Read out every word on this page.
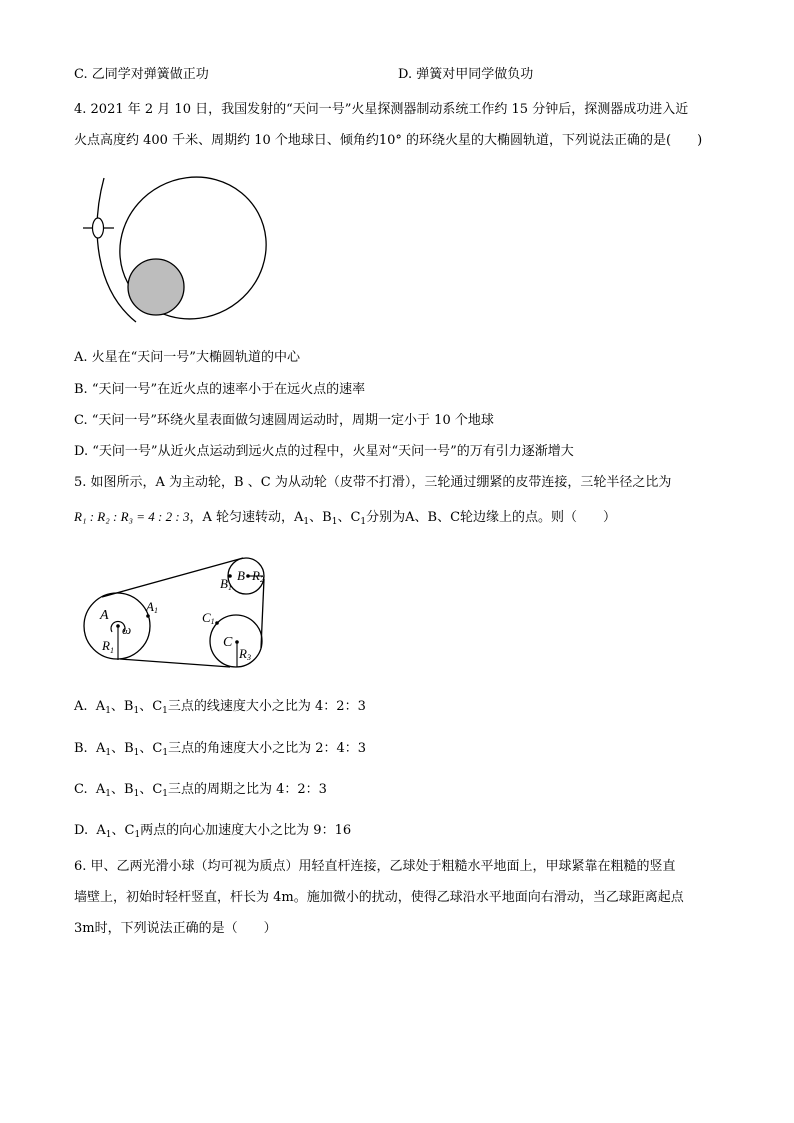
C. 乙同学对弹簧做正功	D. 弹簧对甲同学做负功
4. 2021 年 2 月 10 日，我国发射的“天问一号”火星探测器制动系统工作约 15 分钟后，探测器成功进入近
火点高度约 400 千米、周期约 10 个地球日、倾角约10° 的环绕火星的大椭圆轨道，下列说法正确的是(　　)
A. 火星在“天问一号”大椭圆轨道的中心
B. “天问一号”在近火点的速率小于在远火点的速率
C. “天问一号”环绕火星表面做匀速圆周运动时，周期一定小于 10 个地球
D. “天问一号”从近火点运动到远火点的过程中，火星对“天问一号”的万有引力逐渐增大
5. 如图所示，A 为主动轮，B 、C 为从动轮（皮带不打滑），三轮通过绷紧的皮带连接，三轮半径之比为
R₁ : R₂ : R₃ = 4 : 2 : 3，A 轮匀速转动，$A_1$、$B_1$、$C_1$分别为A、B、C轮边缘上的点。则（　　）
A
A1
ω
$R_1$
B
B1
R2
C
C1
R3
A.  $A_1$、$B_1$、$C_1$三点的线速度大小之比为 4：2：3
B.  $A_1$、$B_1$、$C_1$三点的角速度大小之比为 2：4：3
C.  $A_1$、$B_1$、$C_1$三点的周期之比为 4：2：3
D.  $A_1$、$C_1$两点的向心加速度大小之比为 9：16
6. 甲、乙两光滑小球（均可视为质点）用轻直杆连接，乙球处于粗糙水平地面上，甲球紧靠在粗糙的竖直
墙壁上，初始时轻杆竖直，杆长为 4m。施加微小的扰动，使得乙球沿水平地面向右滑动，当乙球距离起点
3m时，下列说法正确的是（　　）
